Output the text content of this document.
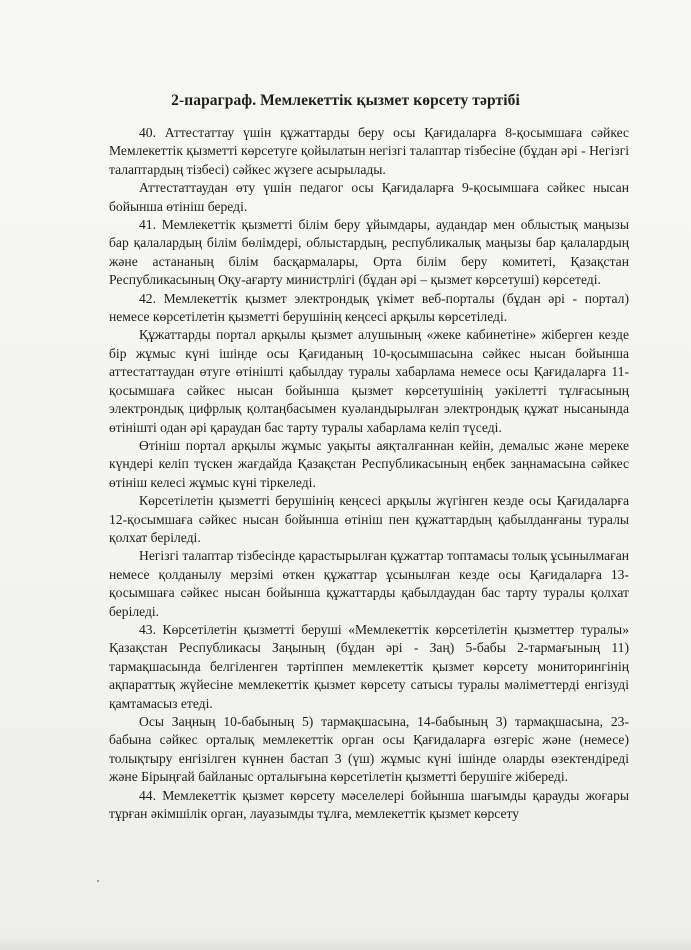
2-параграф. Мемлекеттік қызмет көрсету тәртібі

40. Аттестаттау үшін құжаттарды беру осы Қағидаларға 8-қосымшаға сәйкес Мемлекеттік қызметті көрсетуге қойылатын негізгі талаптар тізбесіне (бұдан әрі - Негізгі талаптардың тізбесі) сәйкес жүзеге асырылады.

Аттестаттаудан өту үшін педагог осы Қағидаларға 9-қосымшаға сәйкес нысан бойынша өтініш береді.

41. Мемлекеттік қызметті білім беру ұйымдары, аудандар мен облыстық маңызы бар қалалардың білім бөлімдері, облыстардың, республикалық маңызы бар қалалардың және астананың білім басқармалары, Орта білім беру комитеті, Қазақстан Республикасының Оқу-ағарту министрлігі (бұдан әрі – қызмет көрсетуші) көрсетеді.

42. Мемлекеттік қызмет электрондық үкімет веб-порталы (бұдан әрі - портал) немесе көрсетілетін қызметті берушінің кеңсесі арқылы көрсетіледі.

Құжаттарды портал арқылы қызмет алушының «жеке кабинетіне» жіберген кезде бір жұмыс күні ішінде осы Қағиданың 10-қосымшасына сәйкес нысан бойынша аттестаттаудан өтуге өтінішті қабылдау туралы хабарлама немесе осы Қағидаларға 11-қосымшаға сәйкес нысан бойынша қызмет көрсетушінің уәкілетті тұлғасының электрондық цифрлық қолтаңбасымен куәландырылған электрондық құжат нысанында өтінішті одан әрі қараудан бас тарту туралы хабарлама келіп түседі.

Өтініш портал арқылы жұмыс уақыты аяқталғаннан кейін, демалыс және мереке күндері келіп түскен жағдайда Қазақстан Республикасының еңбек заңнамасына сәйкес өтініш келесі жұмыс күні тіркеледі.

Көрсетілетін қызметті берушінің кеңсесі арқылы жүгінген кезде осы Қағидаларға 12-қосымшаға сәйкес нысан бойынша өтініш пен құжаттардың қабылданғаны туралы қолхат беріледі.

Негізгі талаптар тізбесінде қарастырылған құжаттар топтамасы толық ұсынылмаған немесе қолданылу мерзімі өткен құжаттар ұсынылған кезде осы Қағидаларға 13-қосымшаға сәйкес нысан бойынша құжаттарды қабылдаудан бас тарту туралы қолхат беріледі.

43. Көрсетілетін қызметті беруші «Мемлекеттік көрсетілетін қызметтер туралы» Қазақстан Республикасы Заңының (бұдан әрі - Заң) 5-бабы 2-тармағының 11) тармақшасында белгіленген тәртіппен мемлекеттік қызмет көрсету мониторингінің ақпараттық жүйесіне мемлекеттік қызмет көрсету сатысы туралы мәліметтерді енгізуді қамтамасыз етеді.

Осы Заңның 10-бабының 5) тармақшасына, 14-бабының 3) тармақшасына, 23-бабына сәйкес орталық мемлекеттік орган осы Қағидаларға өзгеріс және (немесе) толықтыру енгізілген күннен бастап 3 (үш) жұмыс күні ішінде оларды өзектендіреді және Бірыңғай байланыс орталығына көрсетілетін қызметті берушіге жібереді.

44. Мемлекеттік қызмет көрсету мәселелері бойынша шағымды қарауды жоғары тұрған әкімшілік орган, лауазымды тұлға, мемлекеттік қызмет көрсету
